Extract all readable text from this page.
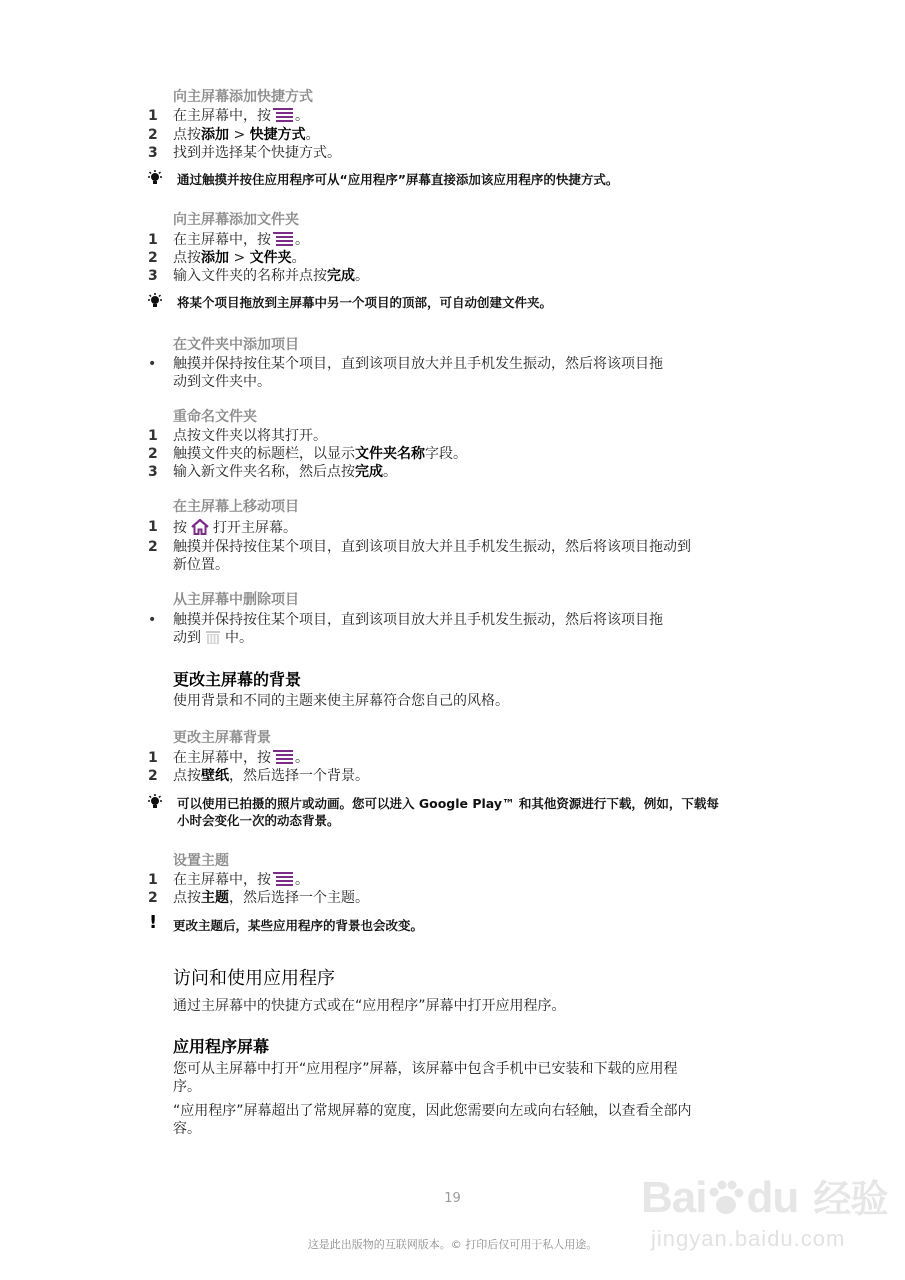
向主屏幕添加快捷方式
1 在主屏幕中，按 。
2 点按添加 > 快捷方式。
3 找到并选择某个快捷方式。
通过触摸并按住应用程序可从“应用程序”屏幕直接添加该应用程序的快捷方式。
向主屏幕添加文件夹
1 在主屏幕中，按 。
2 点按添加 > 文件夹。
3 输入文件夹的名称并点按完成。
将某个项目拖放到主屏幕中另一个项目的顶部，可自动创建文件夹。
在文件夹中添加项目
• 触摸并保持按住某个项目，直到该项目放大并且手机发生振动，然后将该项目拖
动到文件夹中。
重命名文件夹
1 点按文件夹以将其打开。
2 触摸文件夹的标题栏，以显示文件夹名称字段。
3 输入新文件夹名称，然后点按完成。
在主屏幕上移动项目
1 按 打开主屏幕。
2 触摸并保持按住某个项目，直到该项目放大并且手机发生振动，然后将该项目拖动到
新位置。
从主屏幕中删除项目
• 触摸并保持按住某个项目，直到该项目放大并且手机发生振动，然后将该项目拖
动到 中。
更改主屏幕的背景
使用背景和不同的主题来使主屏幕符合您自己的风格。
更改主屏幕背景
1 在主屏幕中，按 。
2 点按壁纸，然后选择一个背景。
可以使用已拍摄的照片或动画。您可以进入 Google Play™ 和其他资源进行下载，例如，下载每
小时会变化一次的动态背景。
设置主题
1 在主屏幕中，按 。
2 点按主题，然后选择一个主题。
! 更改主题后，某些应用程序的背景也会改变。
访问和使用应用程序
通过主屏幕中的快捷方式或在“应用程序”屏幕中打开应用程序。
应用程序屏幕
您可从主屏幕中打开“应用程序”屏幕，该屏幕中包含手机中已安装和下载的应用程
序。
“应用程序”屏幕超出了常规屏幕的宽度，因此您需要向左或向右轻触，以查看全部内
容。
19
这是此出版物的互联网版本。© 打印后仅可用于私人用途。
Bai du 经验
jingyan.baidu.com
